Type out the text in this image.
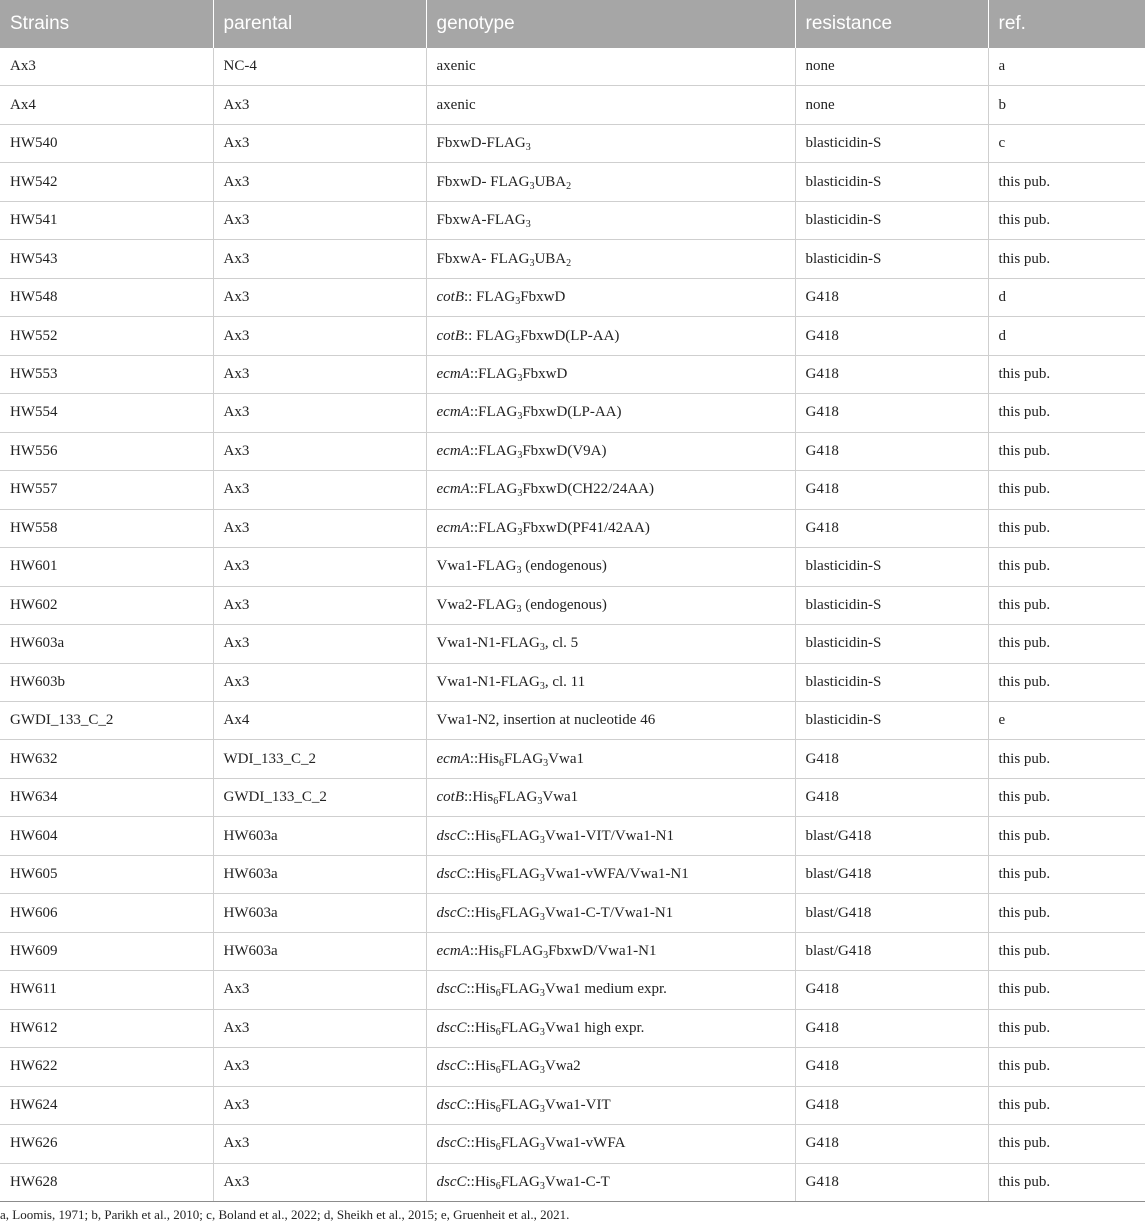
Strains	parental	genotype	resistance	ref.
Ax3	NC-4	axenic	none	a
Ax4	Ax3	axenic	none	b
HW540	Ax3	FbxwD-$FLAG_3$	blasticidin-S	c
HW542	Ax3	FbxwD- $FLAG_3UBA_2$	blasticidin-S	this pub.
HW541	Ax3	FbxwA-$FLAG_3$	blasticidin-S	this pub.
HW543	Ax3	FbxwA- $FLAG_3UBA_2$	blasticidin-S	this pub.
HW548	Ax3	cotB:: $FLAG_3FbxwD$	G418	d
HW552	Ax3	cotB:: $FLAG_3FbxwD(LP-AA)$	G418	d
HW553	Ax3	$ecmA::FLAG_3FbxwD$	G418	this pub.
HW554	Ax3	$ecmA::FLAG_3FbxwD(LP-AA)$	G418	this pub.
HW556	Ax3	$ecmA::FLAG_3FbxwD(V9A)$	G418	this pub.
HW557	Ax3	$ecmA::FLAG_3FbxwD(CH22/24AA)$	G418	this pub.
HW558	Ax3	$ecmA::FLAG_3FbxwD(PF41/42AA)$	G418	this pub.
HW601	Ax3	$Vwa1-FLAG_3$ (endogenous)	blasticidin-S	this pub.
HW602	Ax3	$Vwa2-FLAG_3$ (endogenous)	blasticidin-S	this pub.
HW603a	Ax3	$Vwa1-N1-FLAG_3$, cl. 5	blasticidin-S	this pub.
HW603b	Ax3	$Vwa1-N1-FLAG_3$, cl. 11	blasticidin-S	this pub.
GWDI_133_C_2	Ax4	Vwa1-N2, insertion at nucleotide 46	blasticidin-S	e
HW632	WDI_133_C_2	$ecmA::His_6FLAG_3Vwa1$	G418	this pub.
HW634	GWDI_133_C_2	$\cot B::His_6FLAG_3Vwa1$	G418	this pub.
HW604	HW603a	$dscC::His_6FLAG_3Vwa1-VIT/Vwa1-N1$	blast/G418	this pub.
HW605	HW603a	$dscC::His_6FLAG_3Vwa1-vWFA/Vwa1-N1$	blast/G418	this pub.
HW606	HW603a	$dscC::His_6FLAG_3Vwa1-C-T/Vwa1-N1$	blast/G418	this pub.
HW609	HW603a	$ecmA::His_6FLAG_3FbxwD/Vwa1-N1$	blast/G418	this pub.
HW611	Ax3	$dscC::His_6FLAG_3Vwa1$ medium expr.	G418	this pub.
HW612	Ax3	$dscC::His_6FLAG_3Vwa1$ high expr.	G418	this pub.
HW622	Ax3	$dscC::His_6FLAG_3Vwa2$	G418	this pub.
HW624	Ax3	$dscC::His_6FLAG_3Vwa1$-VIT	G418	this pub.
HW626	Ax3	$dscC::His_6FLAG_3Vwa1$-vWFA	G418	this pub.
HW628	Ax3	$dscC::His_6FLAG_3Vwa1-C-T$	G418	this pub.
a, Loomis, 1971; b, Parikh et al., 2010; c, Boland et al., 2022; d, Sheikh et al., 2015; e, Gruenheit et al., 2021.
